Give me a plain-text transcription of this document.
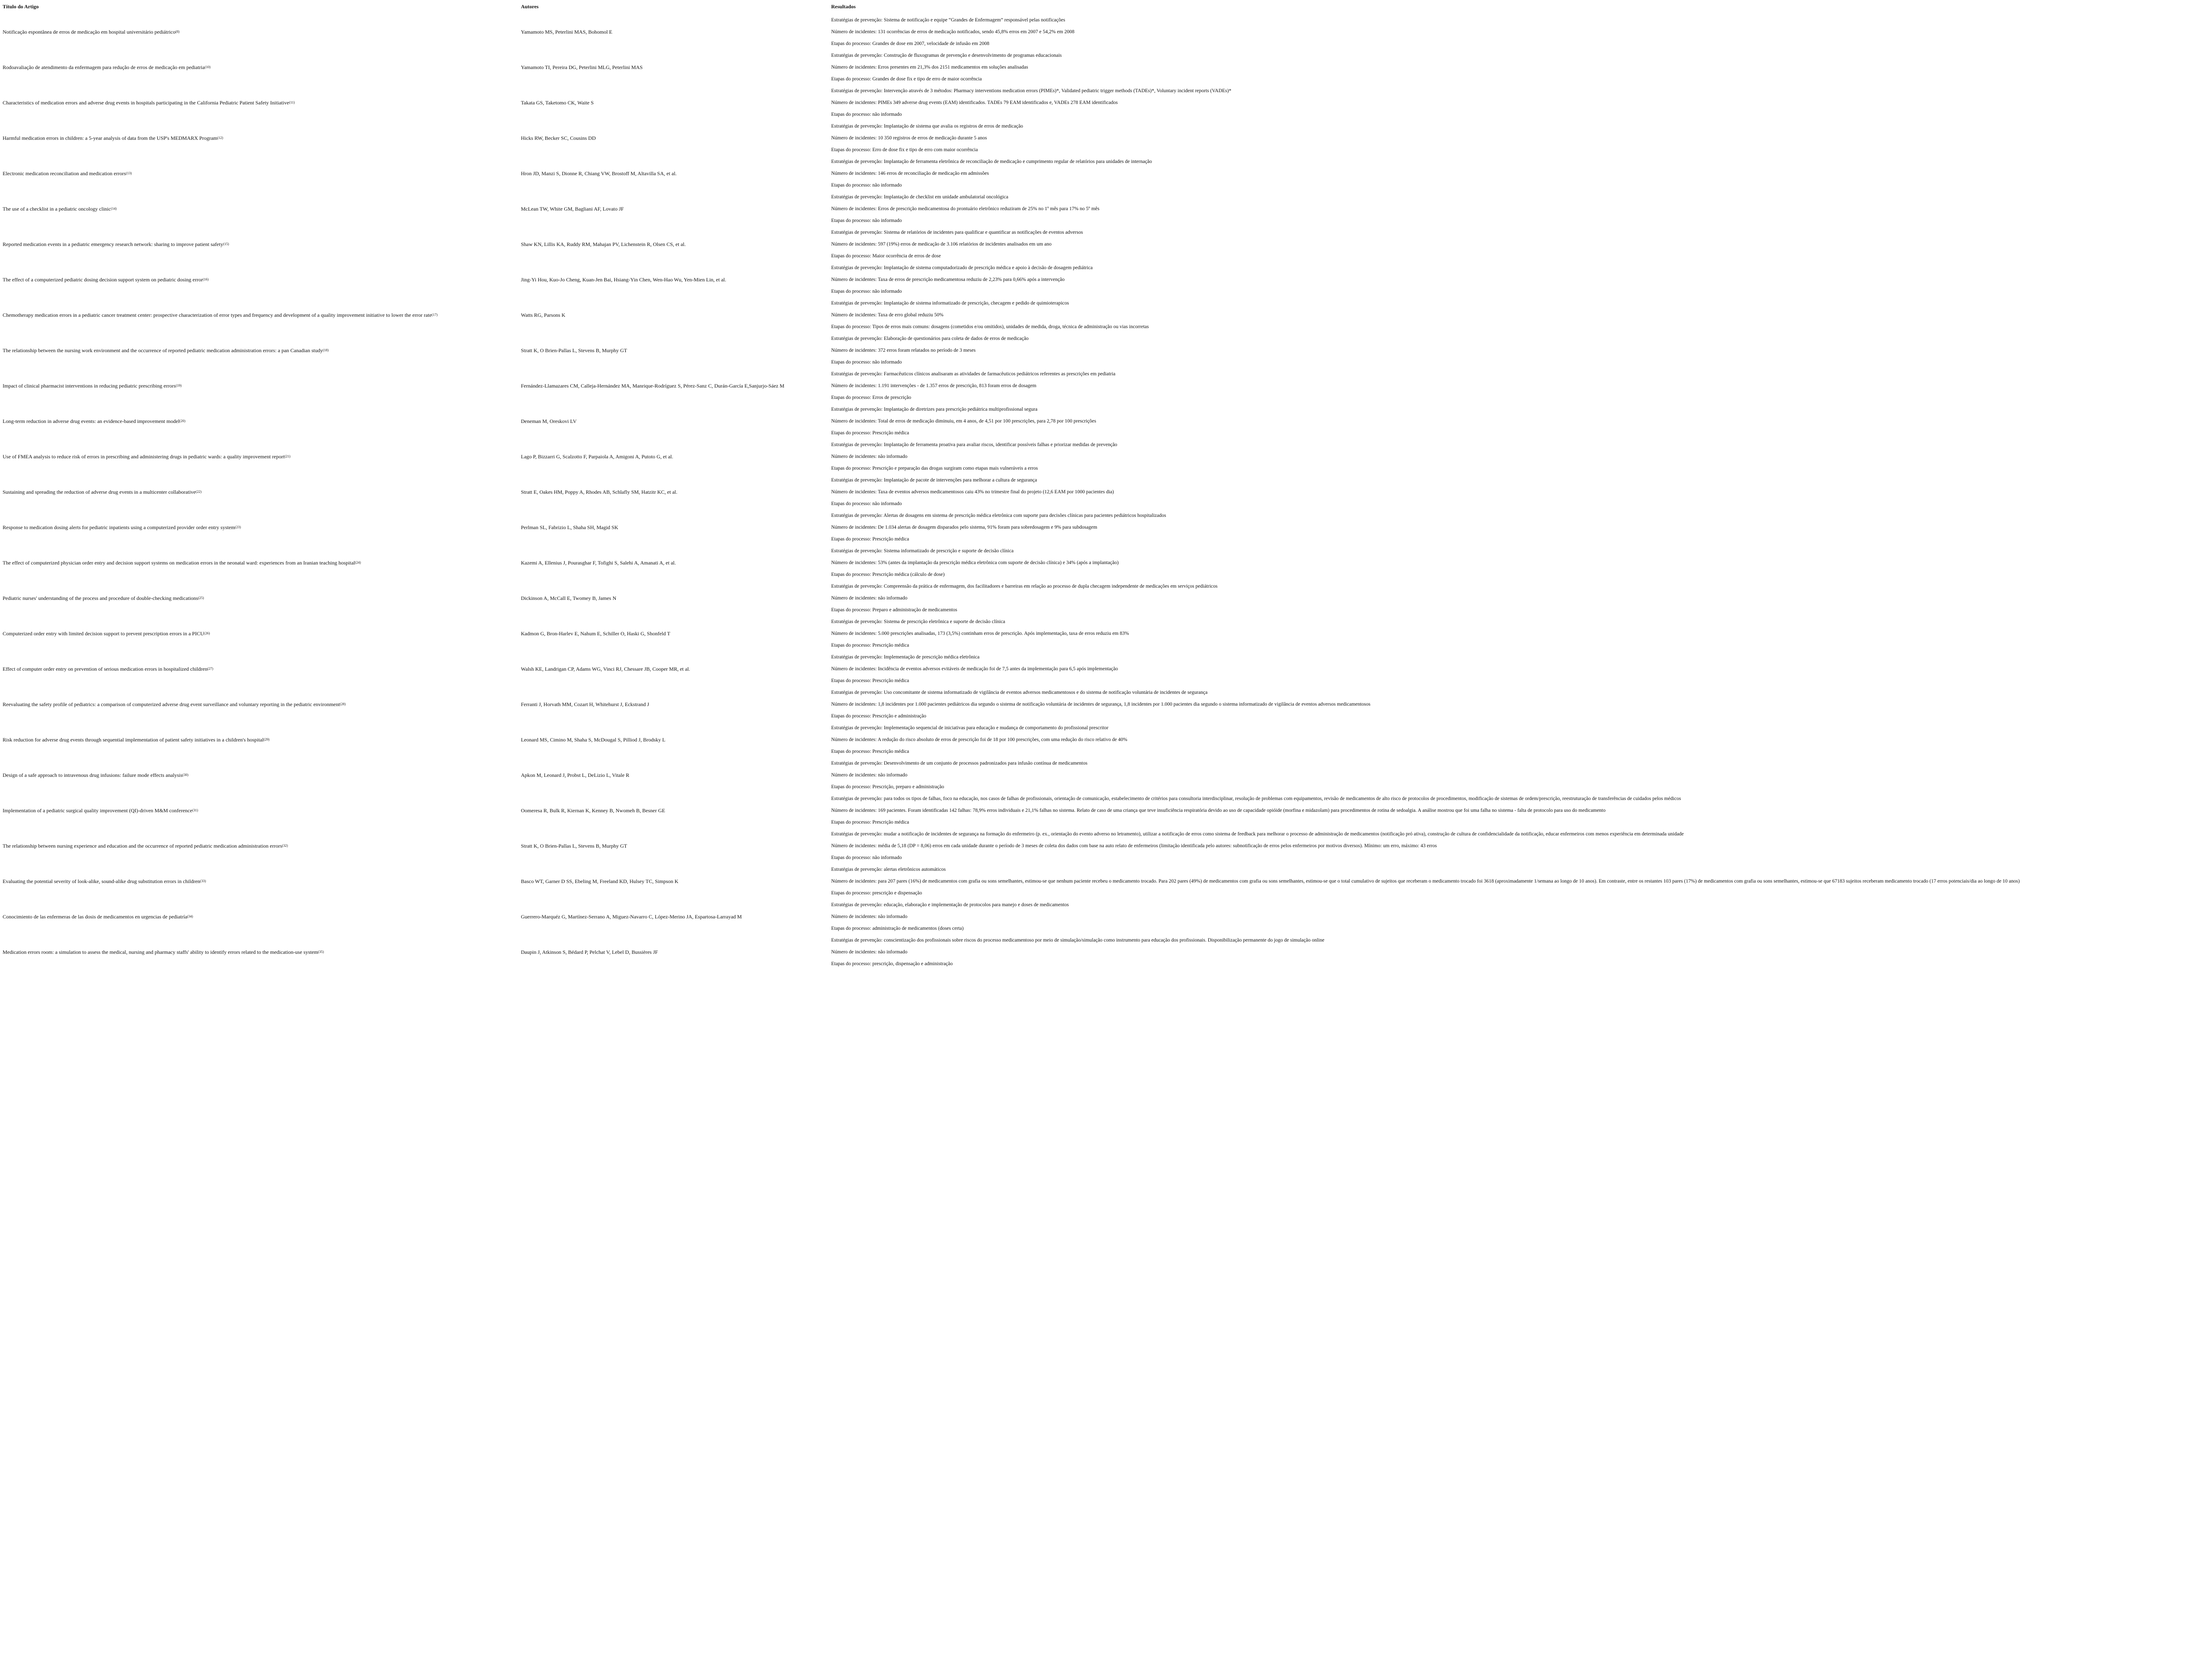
Título do Artigo	Autores	Resultados
Notificação espontânea de erros de medicação em hospital universitário pediátrico (8)	Yamamoto MS, Peterlini MAS, Bohomol E
Estratégias de prevenção: Sistema de notificação e equipe “Grandes de Enfermagem” responsável pelas notificações
Número de incidentes: 131 ocorrências de erros de medicação notificados, sendo 45,8% erros em 2007 e 54,2% em 2008
Etapas do processo: Grandes de dose em 2007, velocidade de infusão em 2008
Rodoavaliação de atendimento da enfermagem para redução de erros de medicação em pediatria (10)	Yamamoto TI, Pereira DG, Peterlini MLG, Peterlini MAS
Estratégias de prevenção: Construção de fluxogramas de prevenção e desenvolvimento de programas educacionais
Número de incidentes: Erros presentes em 21,3% dos 2151 medicamentos em soluções analisadas
Etapas do processo: Grandes de dose fix e tipo de erro de maior ocorrência
Characteristics of medication errors and adverse drug events in hospitals participating in the California Pediatric Patient Safety Initiative (11)	Takata GS, Taketomo CK, Waite S
Estratégias de prevenção: Intervenção através de 3 métodos: Pharmacy interventions medication errors (PIMEs)*, Validated pediatric trigger methods (TADEs)*, Voluntary incident reports (VADEs)*
Número de incidentes: PIMEs 349 adverse drug events (EAM) identificados. TADEs 79 EAM identificados e, VADEs 278 EAM identificados
Etapas do processo: não informado
Harmful medication errors in children: a 5-year analysis of data from the USP's MEDMARX Program (12)	Hicks RW, Becker SC, Cousins DD
Estratégias de prevenção: Implantação de sistema que avalia os registros de erros de medicação
Número de incidentes: 10 350 registros de erros de medicação durante 5 anos
Etapas do processo: Erro de dose fix e tipo de erro com maior ocorrência
Electronic medication reconciliation and medication errors (13)	Hron JD, Manzi S, Dionne R, Chiang VW, Brostoff M, Altavilla SA, et al.
Estratégias de prevenção: Implantação de ferramenta eletrônica de reconciliação de medicação e cumprimento regular de relatórios para unidades de internação
Número de incidentes: 146 erros de reconciliação de medicação em admissões
Etapas do processo: não informado
The use of a checklist in a pediatric oncology clinic (14)	McLean TW, White GM, Bagliani AF, Lovato JF
Estratégias de prevenção: Implantação de checklist em unidade ambulatorial oncológica
Número de incidentes: Erros de prescrição medicamentosa do prontuário eletrônico reduziram de 25% no 1º mês para 17% no 5º mês
Etapas do processo: não informado
Reported medication events in a pediatric emergency research network: sharing to improve patient safety (15)	Shaw KN, Lillis KA, Ruddy RM, Mahajan PV, Lichenstein R, Olsen CS, et al.
Estratégias de prevenção: Sistema de relatórios de incidentes para qualificar e quantificar as notificações de eventos adversos
Número de incidentes: 597 (19%) erros de medicação de 3.106 relatórios de incidentes analisados em um ano
Etapas do processo: Maior ocorrência de erros de dose
The effect of a computerized pediatric dosing decision support system on pediatric dosing error (16)	Jing-Yi Hou, Kuo-Jo Cheng, Kuan-Jen Bai, Hsiang-Yin Chen, Wen-Hao Wu, Yen-Mien Lin, et al.
Estratégias de prevenção: Implantação de sistema computadorizado de prescrição médica e apoio à decisão de dosagem pediátrica
Número de incidentes: Taxa de erros de prescrição medicamentosa reduziu de 2,23% para 0,66% após a intervenção
Etapas do processo: não informado
Chemotherapy medication errors in a pediatric cancer treatment center: prospective characterization of error types and frequency and development of a quality improvement initiative to lower the error rate (17)	Watts RG, Parsons K
Estratégias de prevenção: Implantação de sistema informatizado de prescrição, checagem e pedido de quimioterapicos
Número de incidentes: Taxa de erro global reduziu 50%
Etapas do processo: Tipos de erros mais comuns: dosagens (cometidos e/ou omitidos), unidades de medida, droga, técnica de administração ou vias incorretas
The relationship between the nursing work environment and the occurrence of reported pediatric medication administration errors: a pan Canadian study (18)	Stratt K, O Brien-Pallas L, Stevens B, Murphy GT
Estratégias de prevenção: Elaboração de questionários para coleta de dados de erros de medicação
Número de incidentes: 372 erros foram relatados no período de 3 meses
Etapas do processo: não informado
Impact of clinical pharmacist interventions in reducing pediatric prescribing errors (19)	Fernández-Llamazares CM, Calleja-Hernández MA, Manrique-Rodríguez S, Pérez-Sanz C, Durán-García E,Sanjurjo-Sáez M
Estratégias de prevenção: Farmacêuticos clínicos analisaram as atividades de farmacêuticos pediátricos referentes as prescrições em pediatria
Número de incidentes: 1.191 intervenções - de 1.357 erros de prescrição, 813 foram erros de dosagem
Etapas do processo: Erros de prescrição
Long-term reduction in adverse drug events: an evidence-based improvement model (20)	Deneman M, Oreskovi LV
Estratégias de prevenção: Implantação de diretrizes para prescrição pediátrica multiprofissional segura
Número de incidentes: Total de erros de medicação diminuiu, em 4 anos, de 4,51 por 100 prescrições, para 2,78 por 100 prescrições
Etapas do processo: Prescrição médica
Use of FMEA analysis to reduce risk of errors in prescribing and administering drugs in pediatric wards: a quality improvement report (21)	Lago P, Bizzarri G, Scalzotto F, Parpaiola A, Amigoni A, Putoto G, et al.
Estratégias de prevenção: Implantação de ferramenta proativa para avaliar riscos, identificar possíveis falhas e priorizar medidas de prevenção
Número de incidentes: não informado
Etapas do processo: Prescrição e preparação das drogas surgiram como etapas mais vulneráveis a erros
Sustaining and spreading the reduction of adverse drug events in a multicenter collaborative (22)	Stratt E, Oakes HM, Poppy A, Rhodes AB, Schlafly SM, Hatzitr KC, et al.
Estratégias de prevenção: Implantação de pacote de intervenções para melhorar a cultura de segurança
Número de incidentes: Taxa de eventos adversos medicamentosos caiu 43% no trimestre final do projeto (12,6 EAM por 1000 pacientes dia)
Etapas do processo: não informado
Response to medication dosing alerts for pediatric inpatients using a computerized provider order entry system (23)	Perlman SL, Fabrizio L, Shaha SH, Magid SK
Estratégias de prevenção: Alertas de dosagens em sistema de prescrição médica eletrônica com suporte para decisões clínicas para pacientes pediátricos hospitalizados
Número de incidentes: De 1.034 alertas de dosagem disparados pelo sistema, 91% foram para sobredosagem e 9% para subdosagem
Etapas do processo: Prescrição médica
The effect of computerized physician order entry and decision support systems on medication errors in the neonatal ward: experiences from an Iranian teaching hospital (24)	Kazemi A, Ellenius J, Pourasghar F, Tofighi S, Salehi A, Amanati A, et al.
Estratégias de prevenção: Sistema informatizado de prescrição e suporte de decisão clínica
Número de incidentes: 53% (antes da implantação da prescrição médica eletrônica com suporte de decisão clínica) e 34% (após a implantação)
Etapas do processo: Prescrição médica (cálculo de dose)
Pediatric nurses' understanding of the process and procedure of double-checking medications (25)	Dickinson A, McCall E, Twomey B, James N
Estratégias de prevenção: Compreensão da prática de enfermagem, dos facilitadores e barreiras em relação ao processo de dupla checagem independente de medicações em serviços pediátricos
Número de incidentes: não informado
Etapas do processo: Preparo e administração de medicamentos
Computerized order entry with limited decision support to prevent prescription errors in a PICU (26)	Kadmon G, Bron-Harlev E, Nahum E, Schiller O, Haski G, Shonfeld T
Estratégias de prevenção: Sistema de prescrição eletrônica e suporte de decisão clínica
Número de incidentes: 5.000 prescrições analisadas, 173 (3,5%) continham erros de prescrição. Após implementação, taxa de erros reduziu em 83%
Etapas do processo: Prescrição médica
Effect of computer order entry on prevention of serious medication errors in hospitalized children (27)	Walsh KE, Landrigan CP, Adams WG, Vinci RJ, Chessare JB, Cooper MR, et al.
Estratégias de prevenção: Implementação de prescrição médica eletrônica
Número de incidentes: Incidência de eventos adversos evitáveis de medicação foi de 7,5 antes da implementação para 6,5 após implementação
Etapas do processo: Prescrição médica
Reevaluating the safety profile of pediatrics: a comparison of computerized adverse drug event surveillance and voluntary reporting in the pediatric environment (28)	Ferranti J, Horvath MM, Cozart H, Whitehurst J, Eckstrand J
Estratégias de prevenção: Uso concomitante de sistema informatizado de vigilância de eventos adversos medicamentosos e do sistema de notificação voluntária de incidentes de segurança
Número de incidentes: 1,8 incidentes por 1.000 pacientes pediátricos dia segundo o sistema de notificação voluntária de incidentes de segurança, 1,8 incidentes por 1.000 pacientes dia segundo o sistema informatizado de vigilância de eventos adversos medicamentosos
Etapas do processo: Prescrição e administração
Risk reduction for adverse drug events through sequential implementation of patient safety initiatives in a children's hospital (29)	Leonard MS, Cimino M, Shaha S, McDougal S, Pilliod J, Brodsky L
Estratégias de prevenção: Implementação sequencial de iniciativas para educação e mudança de comportamento do profissional prescritor
Número de incidentes: A redução do risco absoluto de erros de prescrição foi de 18 por 100 prescrições, com uma redução do risco relativo de 40%
Etapas do processo: Prescrição médica
Design of a safe approach to intravenous drug infusions: failure mode effects analysis (30)	Apkon M, Leonard J, Probst L, DeLizio L, Vitale R
Estratégias de prevenção: Desenvolvimento de um conjunto de processos padronizados para infusão contínua de medicamentos
Número de incidentes: não informado
Etapas do processo: Prescrição, preparo e administração
Implementation of a pediatric surgical quality improvement (QI)-driven M&M conference (31)	Oomeresa R, Bulk R, Kiernan K, Kenney B, Nwomeh B, Besner GE
Estratégias de prevenção: para todos os tipos de falhas, foco na educação, nos casos de falhas de profissionais, orientação de comunicação, estabelecimento de critérios para consultoria interdisciplinar, resolução de problemas com equipamentos, revisão de medicamentos de alto risco de protocolos de procedimentos, modificação de sistemas de ordem/prescrição, reestruturação de transferências de cuidados pelos médicos
Número de incidentes: 169 pacientes. Foram identificadas 142 falhas: 78,9% erros individuais e 21,1% falhas no sistema. Relato de caso de uma criança que teve insuficiência respiratória devido ao uso de capacidade opióide (morfina e midazolam) para procedimentos de rotina de sedoalgia. A análise mostrou que foi uma falha no sistema - falta de protocolo para uso do medicamento
Etapas do processo: Prescrição médica
The relationship between nursing experience and education and the occurrence of reported pediatric medication administration errors (32)	Stratt K, O Brien-Pallas L, Stevens B, Murphy GT
Estratégias de prevenção: mudar a notificação de incidentes de segurança na formação do enfermeiro (p. ex., orientação do evento adverso no letramento), utilizar a notificação de erros como sistema de feedback para melhorar o processo de administração de medicamentos (notificação pró ativa), construção de cultura de confidencialidade da notificação, educar enfermeiros com menos experiência em determinada unidade
Número de incidentes: média de 5,18 (DP = 8,06) erros em cada unidade durante o período de 3 meses de coleta dos dados com base na auto relato de enfermeiros (limitação identificada pelo autores: subnotificação de erros pelos enfermeiros por motivos diversos). Mínimo: um erro, máximo: 43 erros
Etapas do processo: não informado
Evaluating the potential severity of look-alike, sound-alike drug substitution errors in children (33)	Basco WT, Garner D SS, Ebeling M, Freeland KD, Hulsey TC, Simpson K
Estratégias de prevenção: alertas eletrônicos automáticos
Número de incidentes: para 207 pares (16%) de medicamentos com grafia ou sons semelhantes, estimou-se que nenhum paciente recebeu o medicamento trocado. Para 202 pares (49%) de medicamentos com grafia ou sons semelhantes, estimou-se que o total cumulativo de sujeitos que receberam o medicamento trocado foi 3618 (aproximadamente 1/semana ao longo de 10 anos). Em contraste, entre os restantes 103 pares (17%) de medicamentos com grafia ou sons semelhantes, estimou-se que 67183 sujeitos receberam medicamento trocado (17 erros potenciais/dia ao longo de 10 anos)
Etapas do processo: prescrição e dispensação
Conocimiento de las enfermeras de las dosis de medicamentos en urgencias de pediatría (34)	Guerrero-Marquéz G, Martínez-Serrano A, Miguez-Navarro C, López-Merino JA, Espartosa-Larrayad M
Estratégias de prevenção: educação, elaboração e implementação de protocolos para manejo e doses de medicamentos
Número de incidentes: não informado
Etapas do processo: administração de medicamentos (doses certa)
Medication errors room: a simulation to assess the medical, nursing and pharmacy staffs' ability to identify errors related to the medication-use system (35)	Daupin J, Atkinson S, Bédard P, Pelchat V, Lebel D, Bussières JF
Estratégias de prevenção: conscientização dos profissionais sobre riscos do processo medicamentoso por meio de simulação/simulação como instrumento para educação dos profissionais. Disponibilização permanente do jogo de simulação online
Número de incidentes: não informado
Etapas do processo: prescrição, dispensação e administração
